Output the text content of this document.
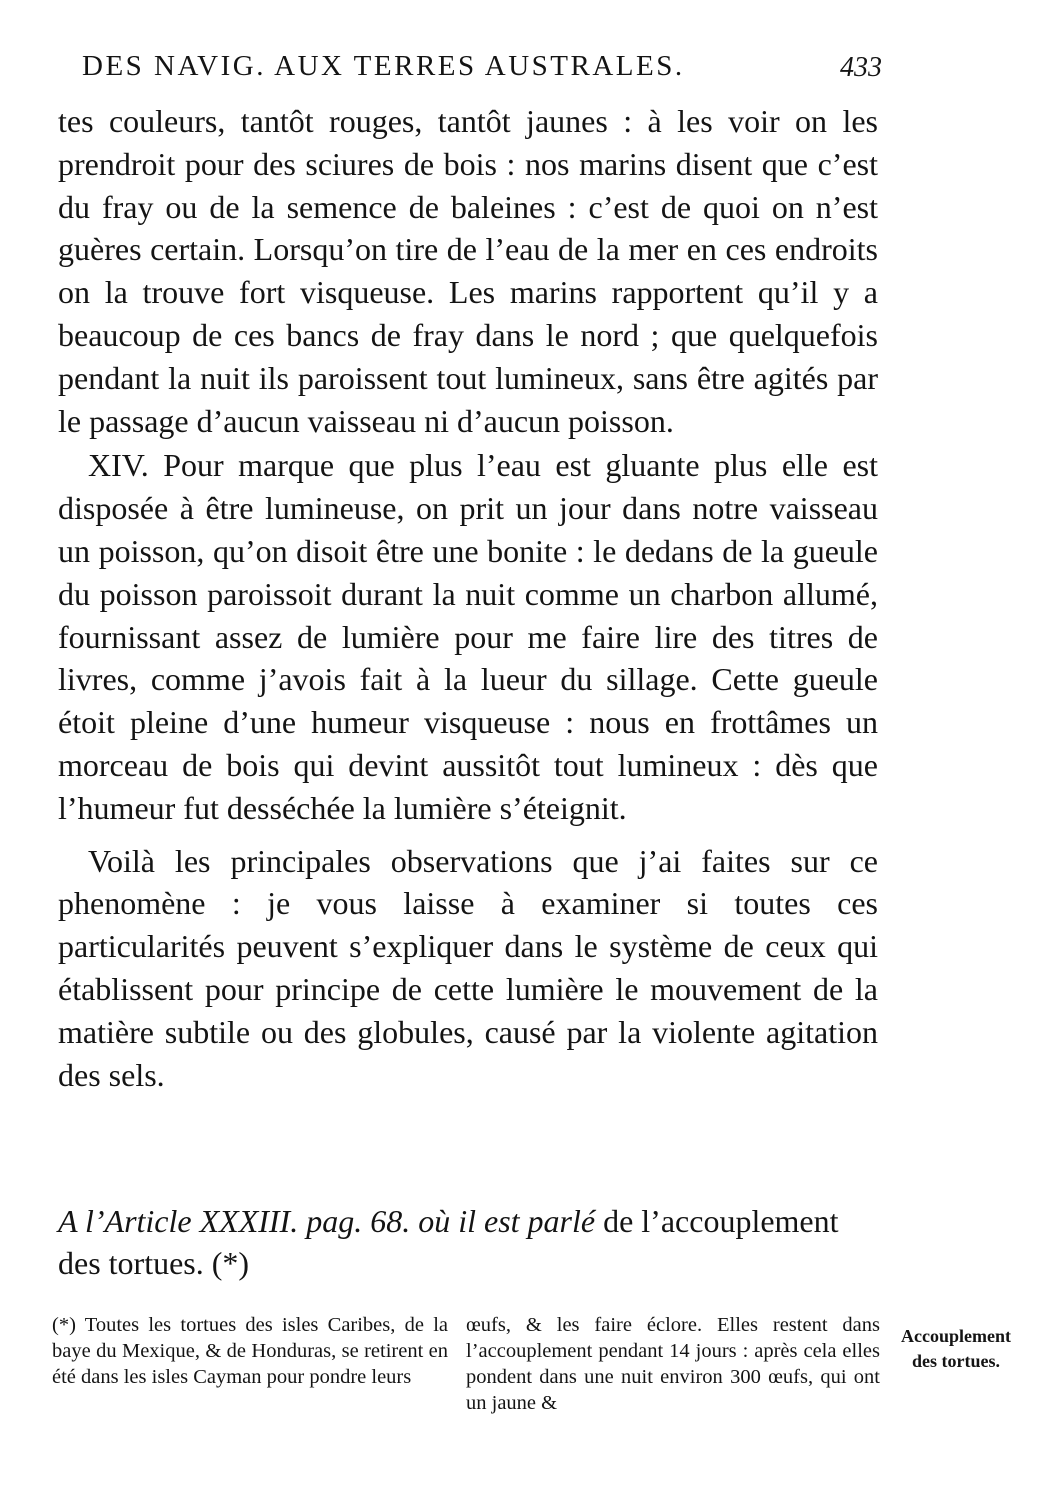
DES NAVIG. AUX TERRES AUSTRALES.	433

tes couleurs, tantôt rouges, tantôt jaunes : à les voir on les prendroit pour des sciures de bois : nos marins disent que c’est du fray ou de la semence de baleines : c’est de quoi on n’est guères certain. Lorsqu’on tire de l’eau de la mer en ces endroits on la trouve fort visqueuse. Les marins rapportent qu’il y a beaucoup de ces bancs de fray dans le nord ; que quelquefois pendant la nuit ils paroissent tout lumineux, sans être agités par le passage d’aucun vaisseau ni d’aucun poisson.

XIV. Pour marque que plus l’eau est gluante plus elle est disposée à être lumineuse, on prit un jour dans notre vaisseau un poisson, qu’on disoit être une bonite : le dedans de la gueule du poisson paroissoit durant la nuit comme un charbon allumé, fournissant assez de lumière pour me faire lire des titres de livres, comme j’avois fait à la lueur du sillage. Cette gueule étoit pleine d’une humeur visqueuse : nous en frottâmes un morceau de bois qui devint aussitôt tout lumineux : dès que l’humeur fut desséchée la lumière s’éteignit.

Voilà les principales observations que j’ai faites sur ce phenomène : je vous laisse à examiner si toutes ces particularités peuvent s’expliquer dans le système de ceux qui établissent pour principe de cette lumière le mouvement de la matière subtile ou des globules, causé par la violente agitation des sels.

A l’Article XXXIII. pag. 68. où il est parlé de l’accouplement des tortues. (*)
(*) Toutes les tortues des isles Caribes, de la baye du Mexique, & de Honduras, se retirent en été dans les isles Cayman pour pondre leurs
œufs, & les faire éclore. Elles restent dans l’accouplement pendant 14 jours : après cela elles pondent dans une nuit environ 300 œufs, qui ont un jaune &
Accouplement des tortues.
